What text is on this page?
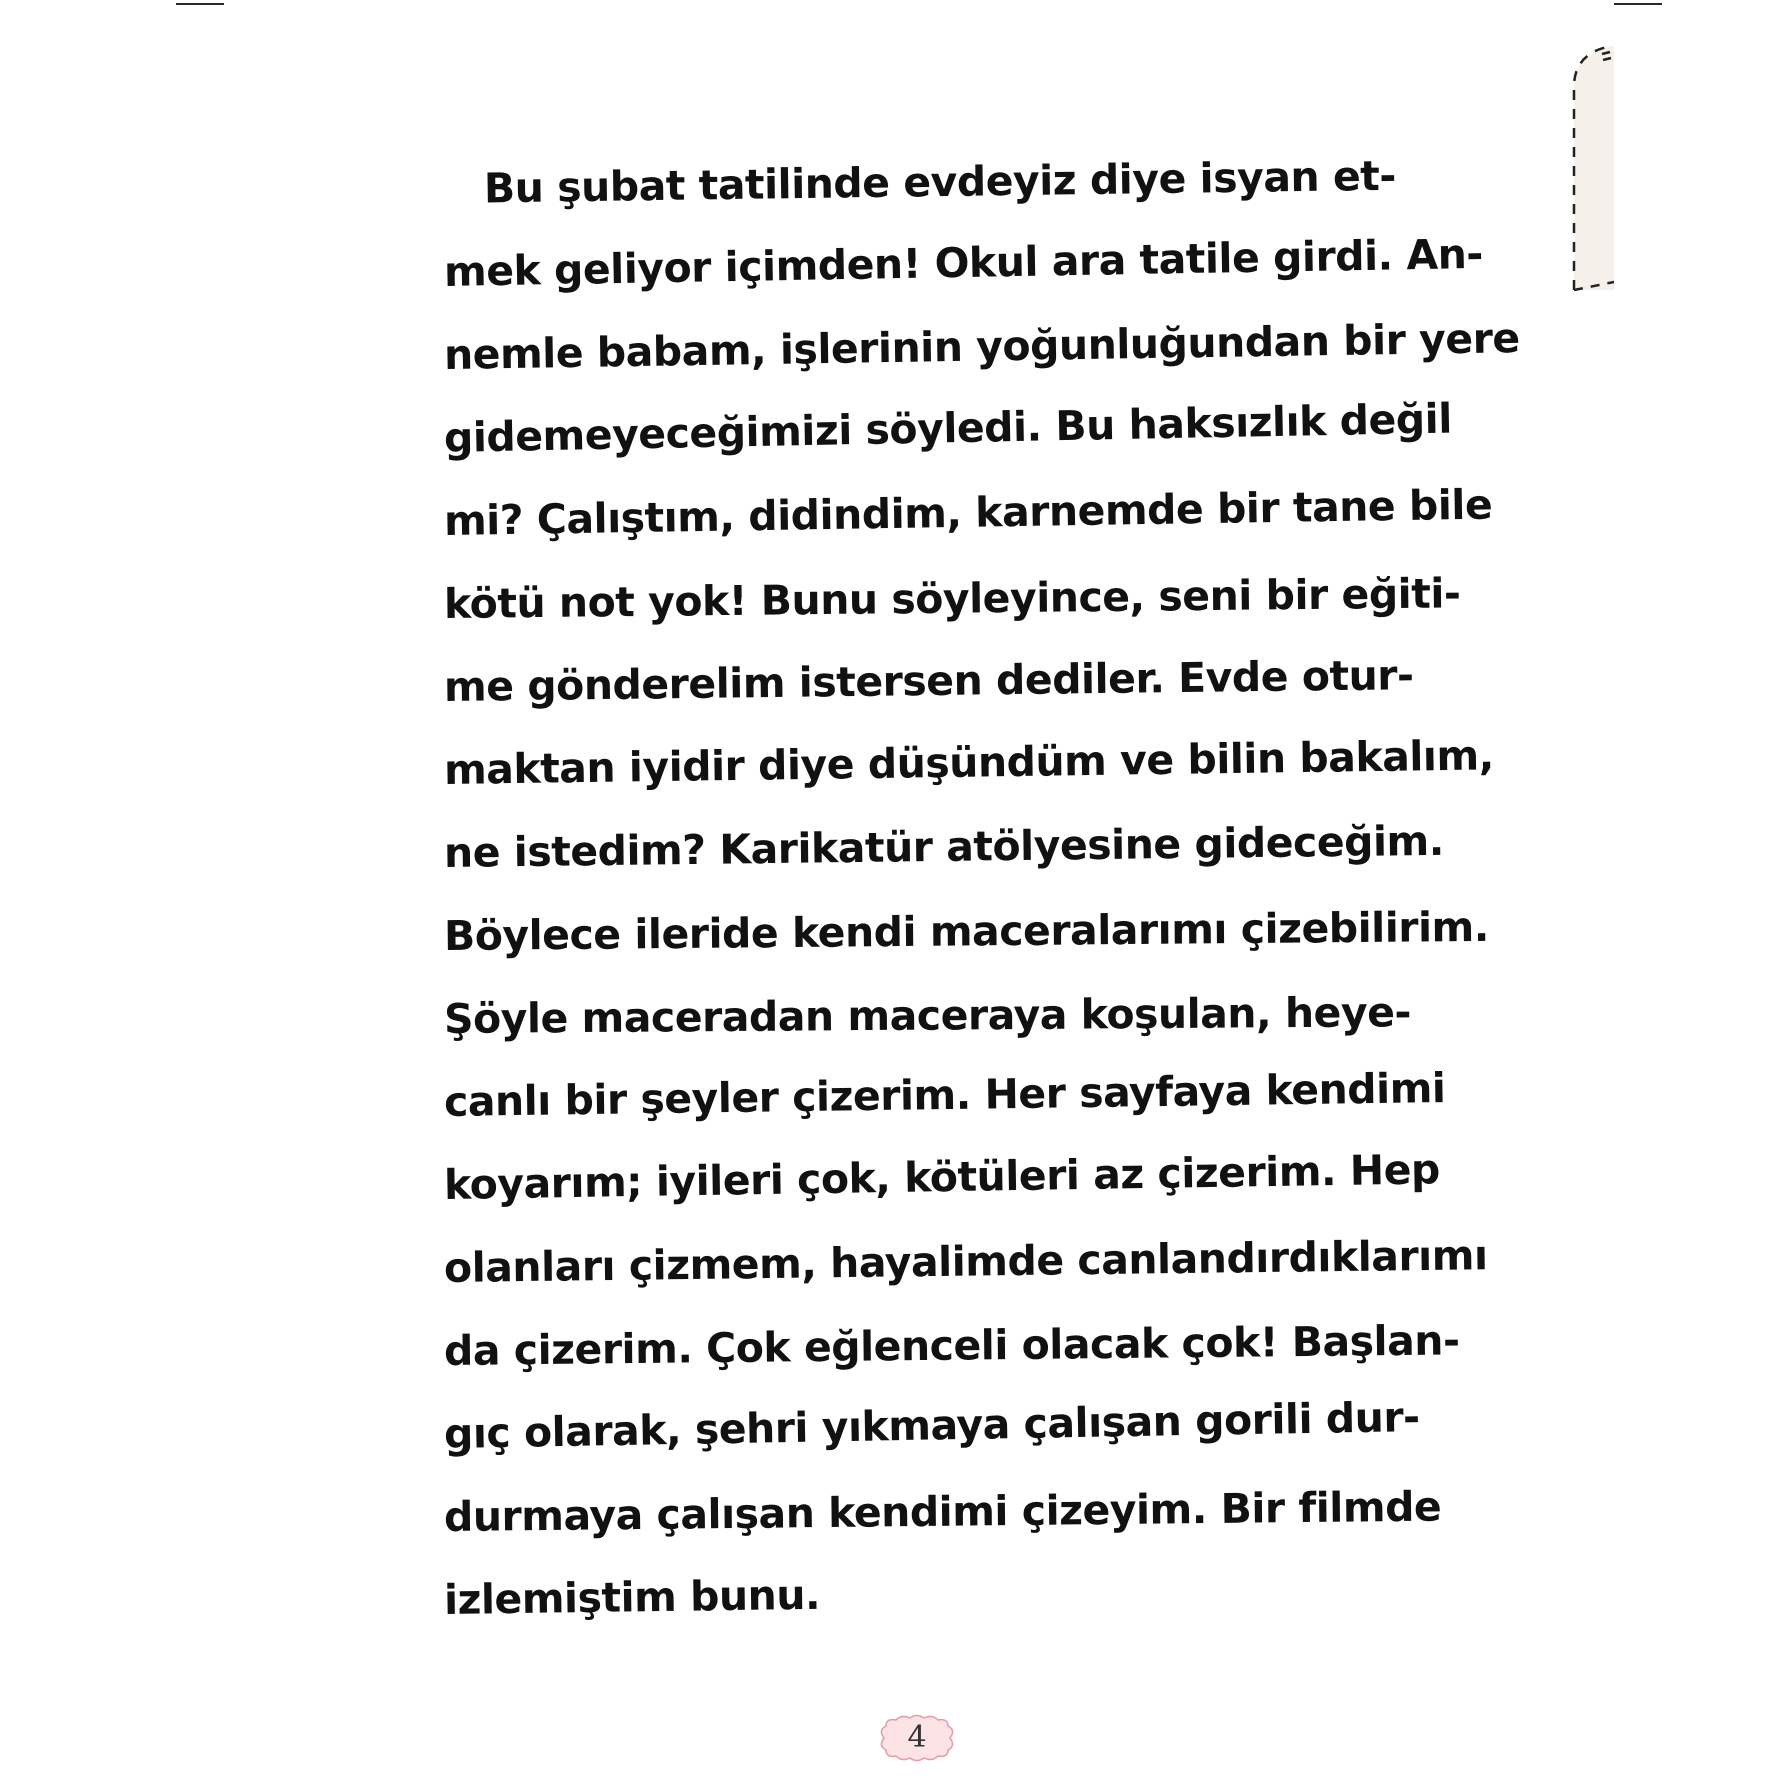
Bu şubat tatilinde evdeyiz diye isyan et-
mek geliyor içimden! Okul ara tatile girdi. An-
nemle babam, işlerinin yoğunluğundan bir yere
gidemeyeceğimizi söyledi. Bu haksızlık değil
mi? Çalıştım, didindim, karnemde bir tane bile
kötü not yok! Bunu söyleyince, seni bir eğiti-
me gönderelim istersen dediler. Evde otur-
maktan iyidir diye düşündüm ve bilin bakalım,
ne istedim? Karikatür atölyesine gideceğim.
Böylece ileride kendi maceralarımı çizebilirim.
Şöyle maceradan maceraya koşulan, heye-
canlı bir şeyler çizerim. Her sayfaya kendimi
koyarım; iyileri çok, kötüleri az çizerim. Hep
olanları çizmem, hayalimde canlandırdıklarımı
da çizerim. Çok eğlenceli olacak çok! Başlan-
gıç olarak, şehri yıkmaya çalışan gorili dur-
durmaya çalışan kendimi çizeyim. Bir filmde
izlemiştim bunu.
4
